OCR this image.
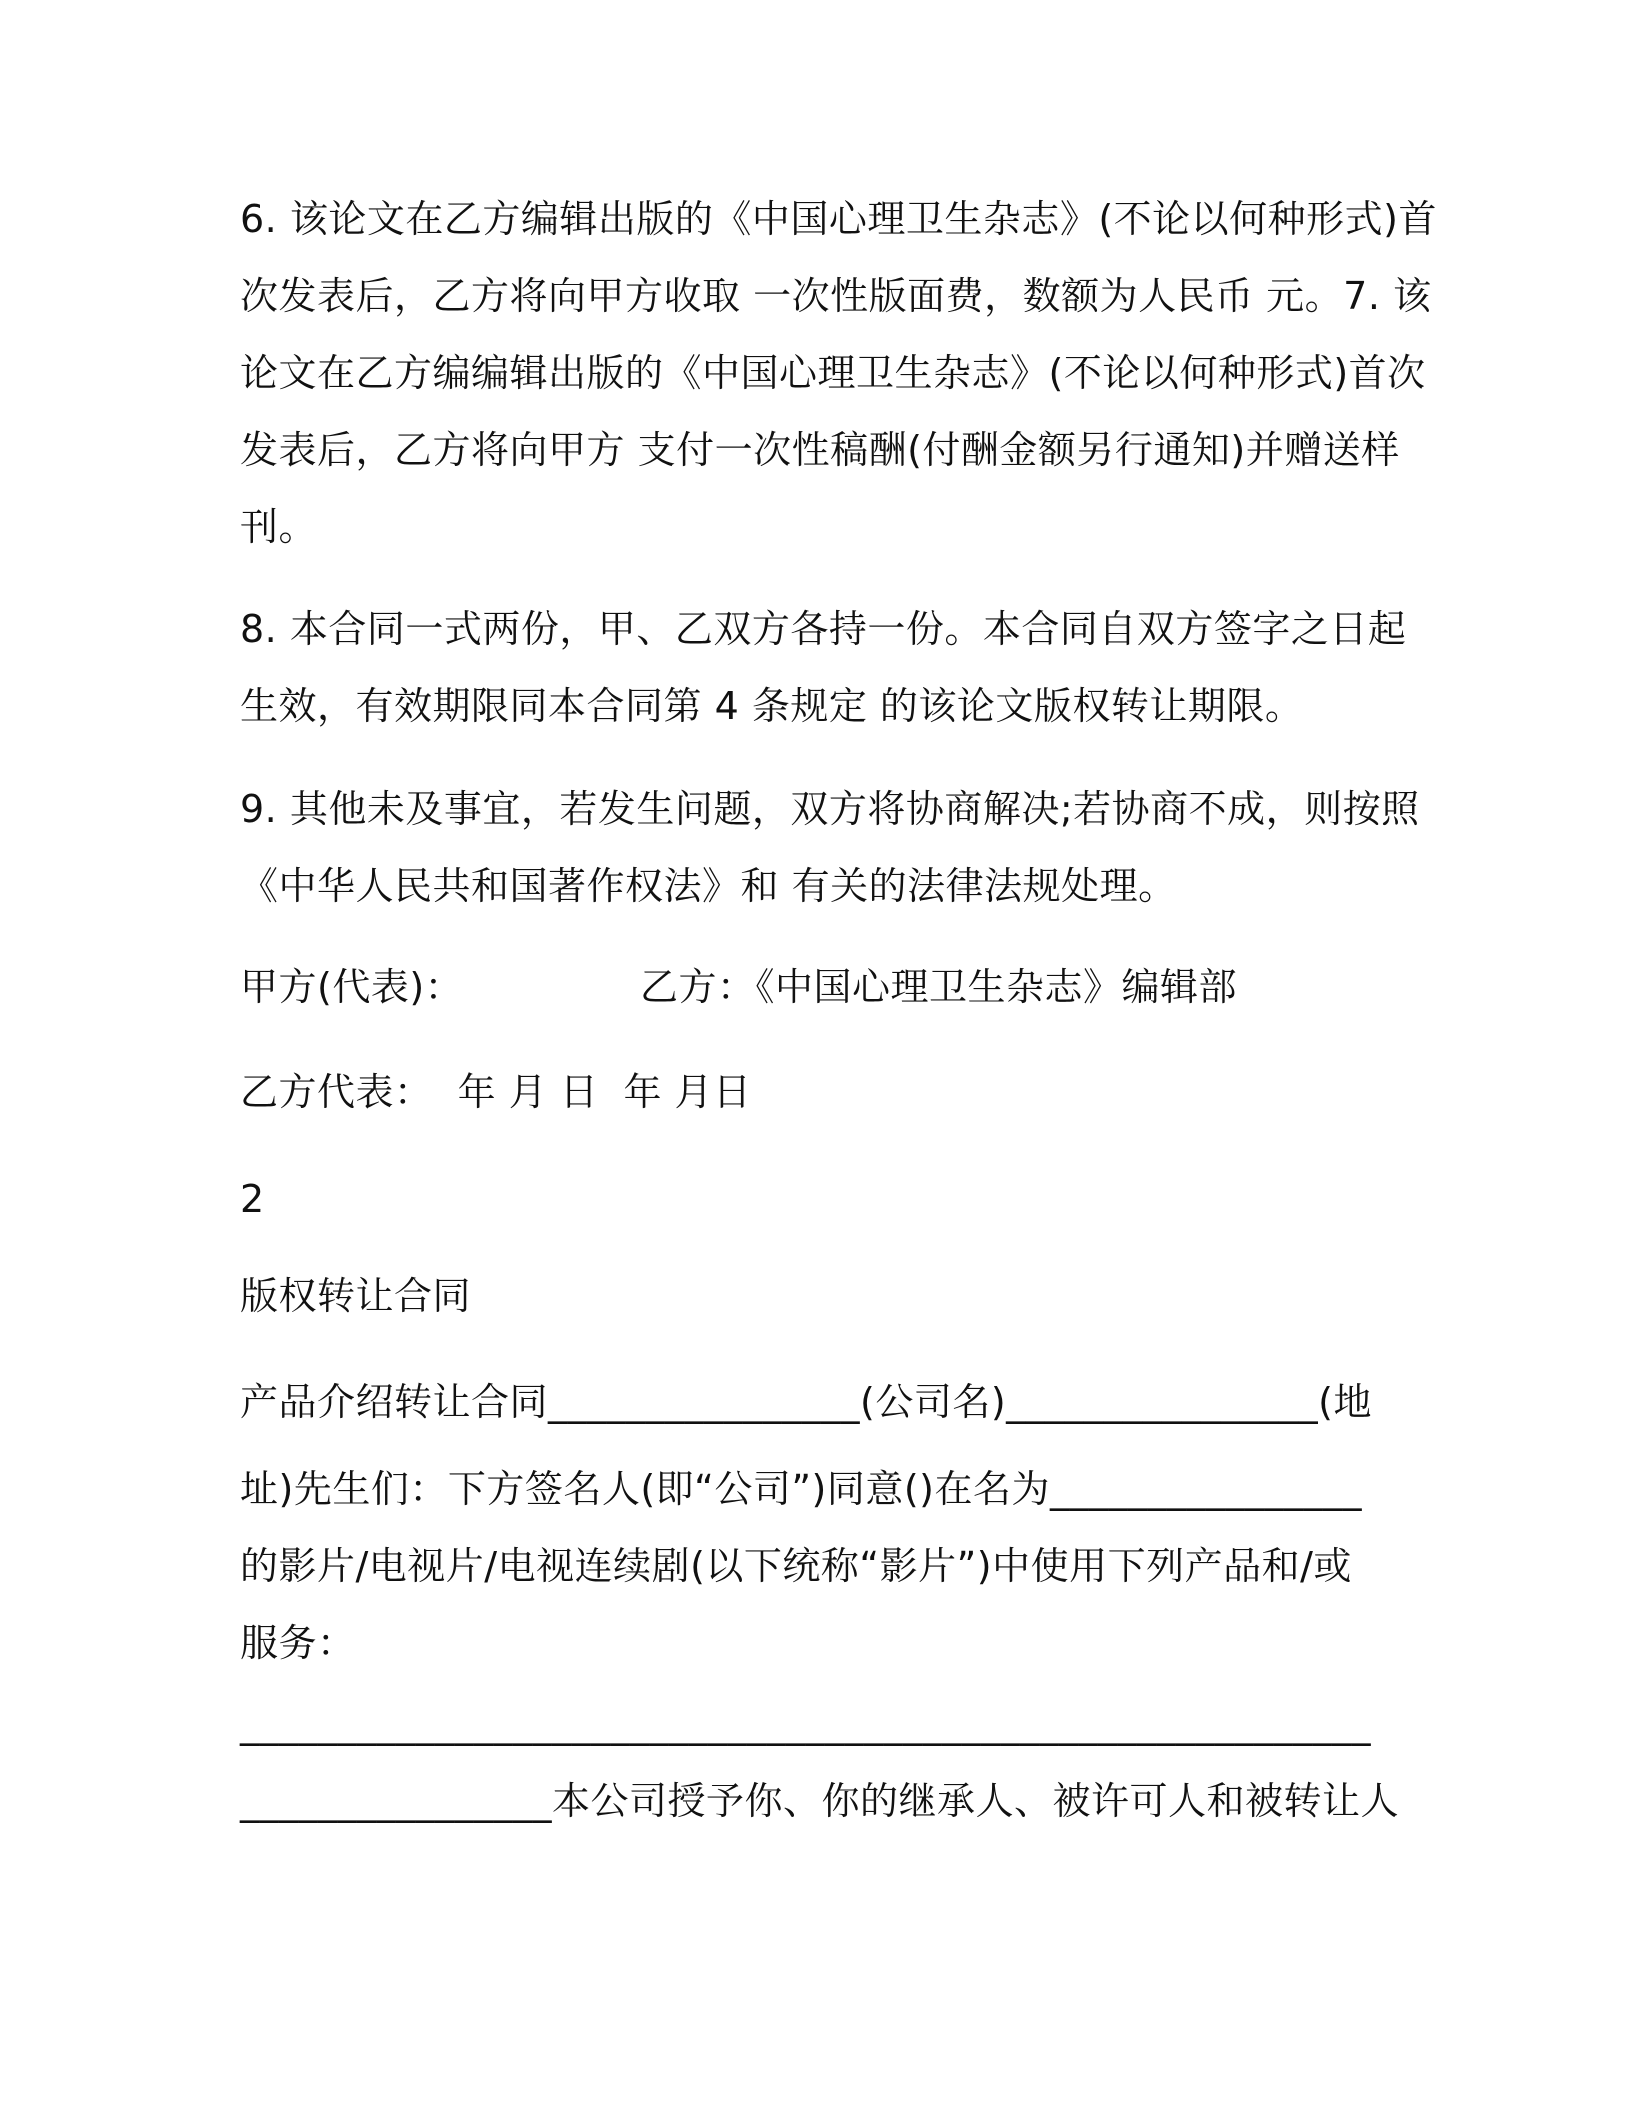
6. 该论文在乙方编辑出版的《中国心理卫生杂志》(不论以何种形式)首
次发表后，乙方将向甲方收取 一次性版面费，数额为人民币 元。7. 该
论文在乙方编编辑出版的《中国心理卫生杂志》(不论以何种形式)首次
发表后，乙方将向甲方 支付一次性稿酬(付酬金额另行通知)并赠送样
刊。
8. 本合同一式两份，甲、乙双方各持一份。本合同自双方签字之日起
生效，有效期限同本合同第 4 条规定 的该论文版权转让期限。
9. 其他未及事宜，若发生问题，双方将协商解决;若协商不成，则按照
《中华人民共和国著作权法》和 有关的法律法规处理。
甲方(代表)：	乙方：《中国心理卫生杂志》编辑部
乙方代表：  年 月 日  年 月日
2
版权转让合同
产品介绍转让合同________________(公司名)________________(地
址)先生们：下方签名人(即“公司”)同意()在名为________________
的影片/电视片/电视连续剧(以下统称“影片”)中使用下列产品和/或
服务：
__________________________________________________________
________________本公司授予你、你的继承人、被许可人和被转让人
